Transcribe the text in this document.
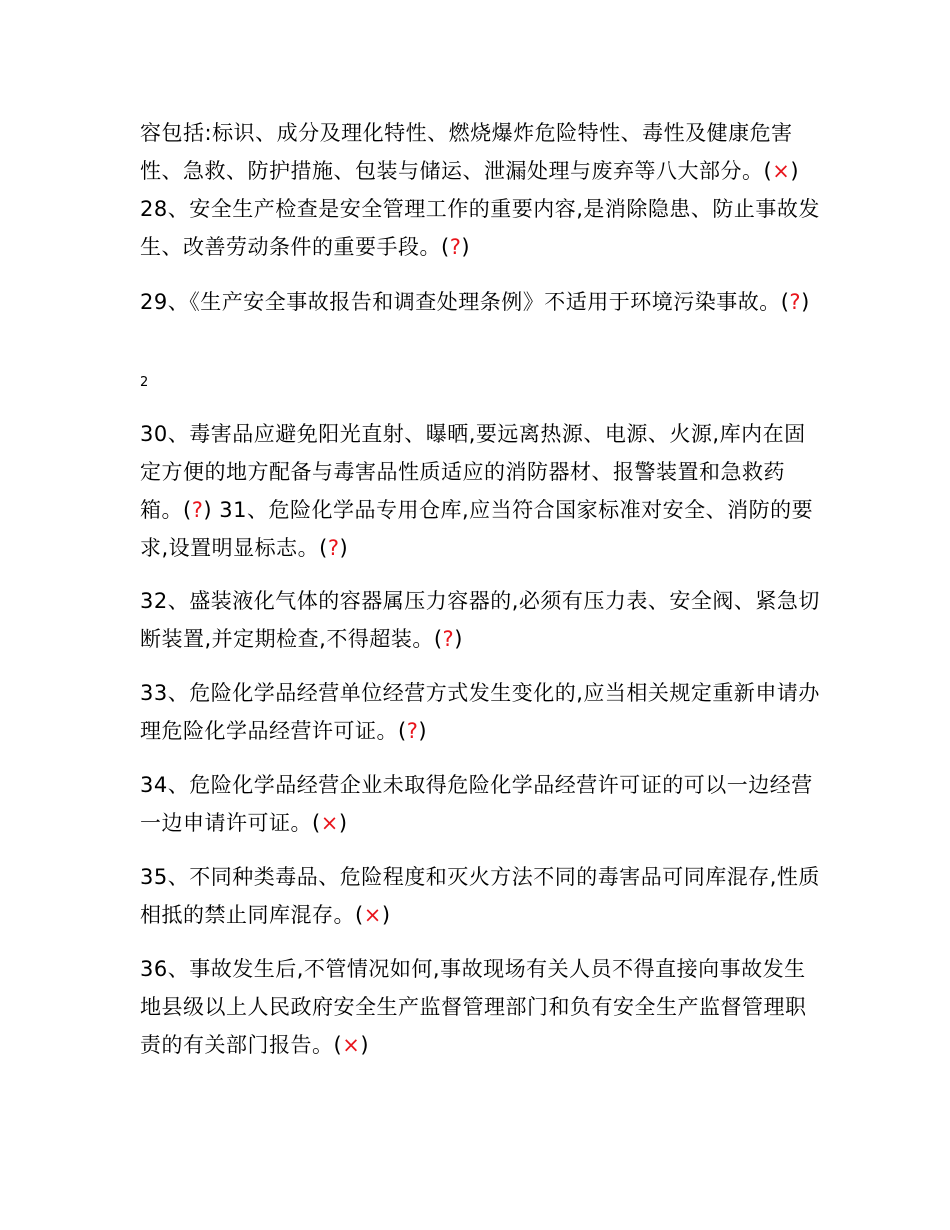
容包括:标识、成分及理化特性、燃烧爆炸危险特性、毒性及健康危害性、急救、防护措施、包装与储运、泄漏处理与废弃等八大部分。(×) 28、安全生产检查是安全管理工作的重要内容,是消除隐患、防止事故发生、改善劳动条件的重要手段。(?)

29、《生产安全事故报告和调查处理条例》不适用于环境污染事故。(?)

2

30、毒害品应避免阳光直射、曝晒,要远离热源、电源、火源,库内在固定方便的地方配备与毒害品性质适应的消防器材、报警装置和急救药箱。(?) 31、危险化学品专用仓库,应当符合国家标准对安全、消防的要求,设置明显标志。(?)

32、盛装液化气体的容器属压力容器的,必须有压力表、安全阀、紧急切断装置,并定期检查,不得超装。(?)

33、危险化学品经营单位经营方式发生变化的,应当相关规定重新申请办理危险化学品经营许可证。(?)

34、危险化学品经营企业未取得危险化学品经营许可证的可以一边经营一边申请许可证。(×)

35、不同种类毒品、危险程度和灭火方法不同的毒害品可同库混存,性质相抵的禁止同库混存。(×)

36、事故发生后,不管情况如何,事故现场有关人员不得直接向事故发生地县级以上人民政府安全生产监督管理部门和负有安全生产监督管理职责的有关部门报告。(×)
